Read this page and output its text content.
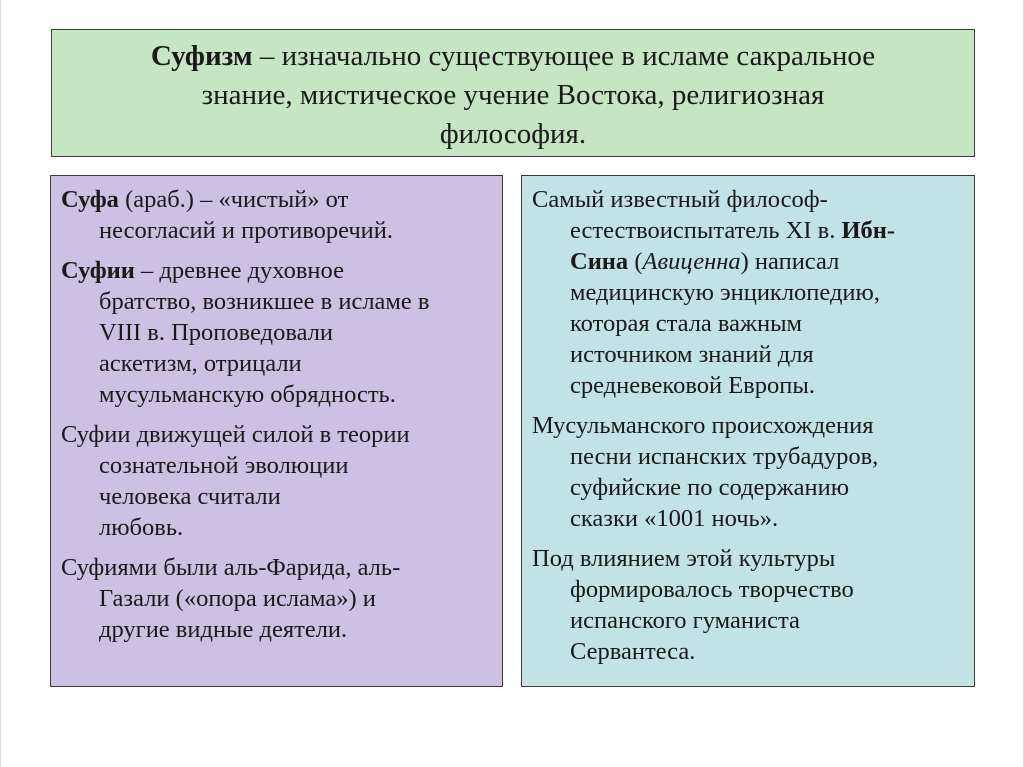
Суфизм – изначально существующее в исламе сакральное
знание, мистическое учение Востока, религиозная
философия.

Суфа (араб.) – «чистый» от
несогласий и противоречий.

Суфии – древнее духовное
братство, возникшее в исламе в
VIII в. Проповедовали
аскетизм, отрицали
мусульманскую обрядность.

Суфии движущей силой в теории
сознательной эволюции
человека считали
любовь.

Суфиями были аль-Фарида, аль-
Газали («опора ислама») и
другие видные деятели.

Самый известный философ-
естествоиспытатель XI в. Ибн-
Сина (Авиценна) написал
медицинскую энциклопедию,
которая стала важным
источником знаний для
средневековой Европы.

Мусульманского происхождения
песни испанских трубадуров,
суфийские по содержанию
сказки «1001 ночь».

Под влиянием этой культуры
формировалось творчество
испанского гуманиста
Сервантеса.
